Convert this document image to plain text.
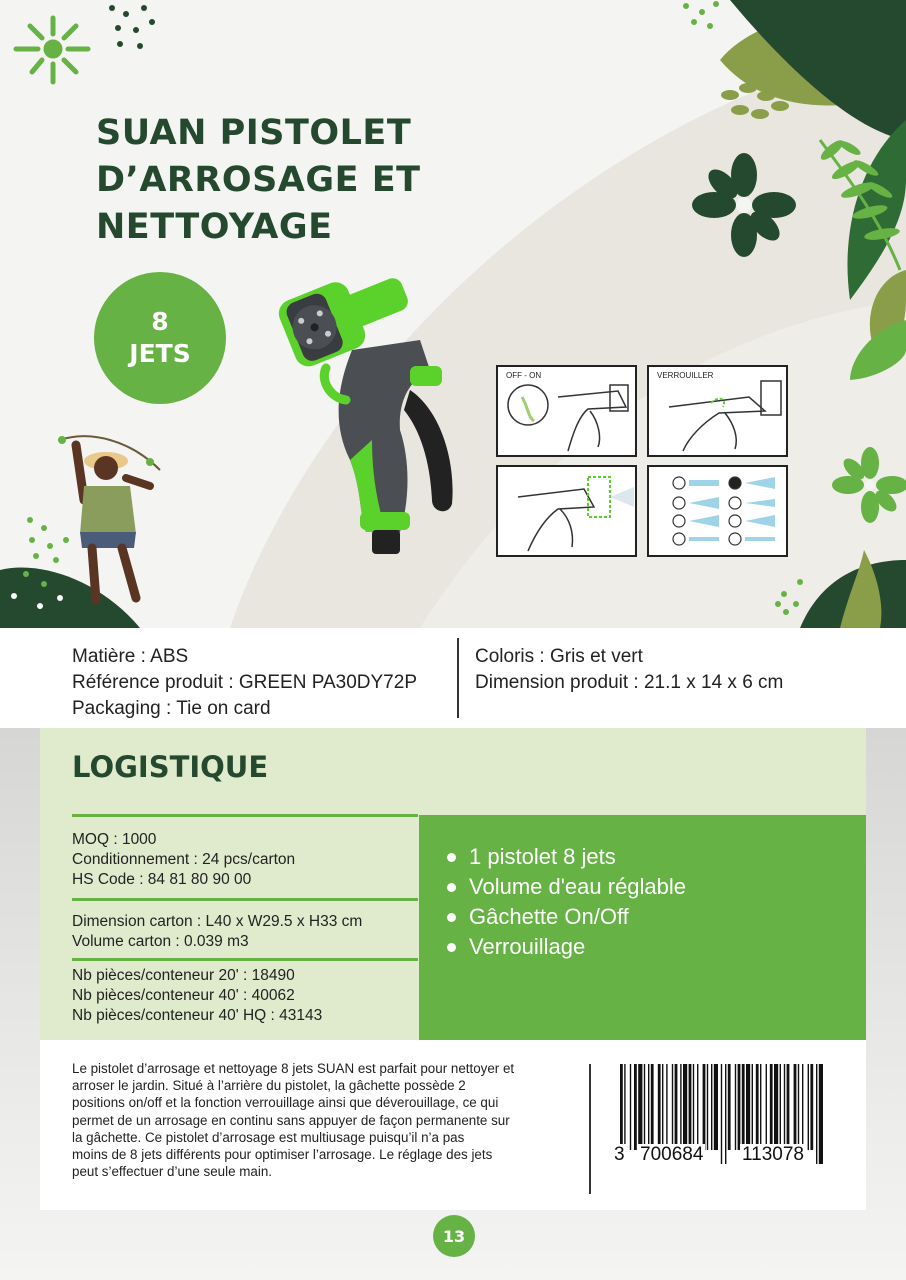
SUAN PISTOLET
D’ARROSAGE ET
NETTOYAGE
8
JETS
OFF - ON	VERROUILLER
Matière : ABS
Référence produit : GREEN PA30DY72P
Packaging : Tie on card
Coloris : Gris et vert
Dimension produit : 21.1 x 14 x 6 cm
LOGISTIQUE
MOQ : 1000
Conditionnement : 24 pcs/carton
HS Code : 84 81 80 90 00
Dimension carton : L40 x W29.5 x H33 cm
Volume carton : 0.039 m3
Nb pièces/conteneur 20' : 18490
Nb pièces/conteneur 40' : 40062
Nb pièces/conteneur 40' HQ : 43143
1 pistolet 8 jets
Volume d'eau réglable
Gâchette On/Off
Verrouillage
Le pistolet d’arrosage et nettoyage 8 jets SUAN est parfait pour nettoyer et
arroser le jardin. Situé à l’arrière du pistolet, la gâchette possède 2
positions on/off et la fonction verrouillage ainsi que déverouillage, ce qui
permet de un arrosage en continu sans appuyer de façon permanente sur
la gâchette. Ce pistolet d’arrosage est multiusage puisqu’il n’a pas
moins de 8 jets différents pour optimiser l’arrosage. Le réglage des jets
peut s’effectuer d’une seule main.
3 700684 113078
13
